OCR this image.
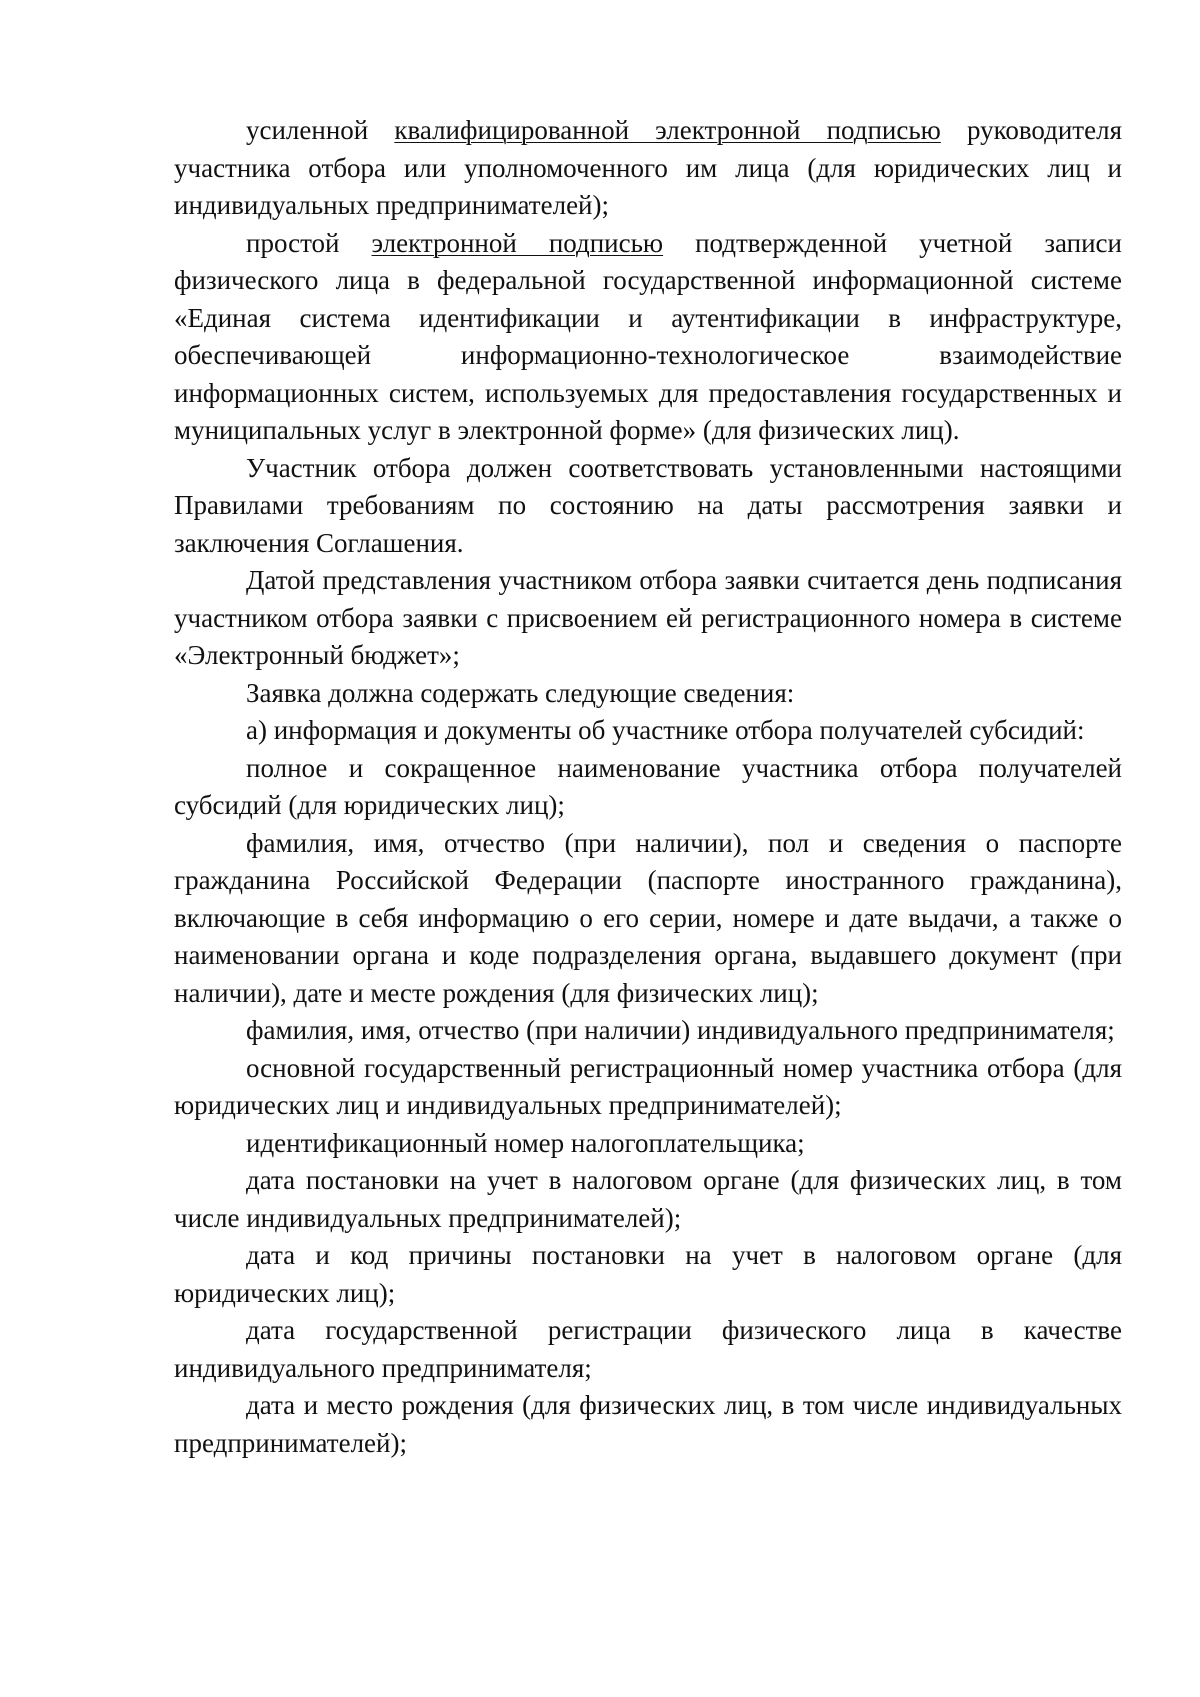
усиленной квалифицированной электронной подписью руководителя участника отбора или уполномоченного им лица (для юридических лиц и индивидуальных предпринимателей);

простой электронной подписью подтвержденной учетной записи физического лица в федеральной государственной информационной системе «Единая система идентификации и аутентификации в инфраструктуре, обеспечивающей информационно-технологическое взаимодействие информационных систем, используемых для предоставления государственных и муниципальных услуг в электронной форме» (для физических лиц).

Участник отбора должен соответствовать установленными настоящими Правилами требованиям по состоянию на даты рассмотрения заявки и заключения Соглашения.

Датой представления участником отбора заявки считается день подписания участником отбора заявки с присвоением ей регистрационного номера в системе «Электронный бюджет»;

Заявка должна содержать следующие сведения:

а) информация и документы об участнике отбора получателей субсидий:

полное и сокращенное наименование участника отбора получателей субсидий (для юридических лиц);

фамилия, имя, отчество (при наличии), пол и сведения о паспорте гражданина Российской Федерации (паспорте иностранного гражданина), включающие в себя информацию о его серии, номере и дате выдачи, а также о наименовании органа и коде подразделения органа, выдавшего документ (при наличии), дате и месте рождения (для физических лиц);

фамилия, имя, отчество (при наличии) индивидуального предпринимателя;

основной государственный регистрационный номер участника отбора (для юридических лиц и индивидуальных предпринимателей);

идентификационный номер налогоплательщика;

дата постановки на учет в налоговом органе (для физических лиц, в том числе индивидуальных предпринимателей);

дата и код причины постановки на учет в налоговом органе (для юридических лиц);

дата государственной регистрации физического лица в качестве индивидуального предпринимателя;

дата и место рождения (для физических лиц, в том числе индивидуальных предпринимателей);
